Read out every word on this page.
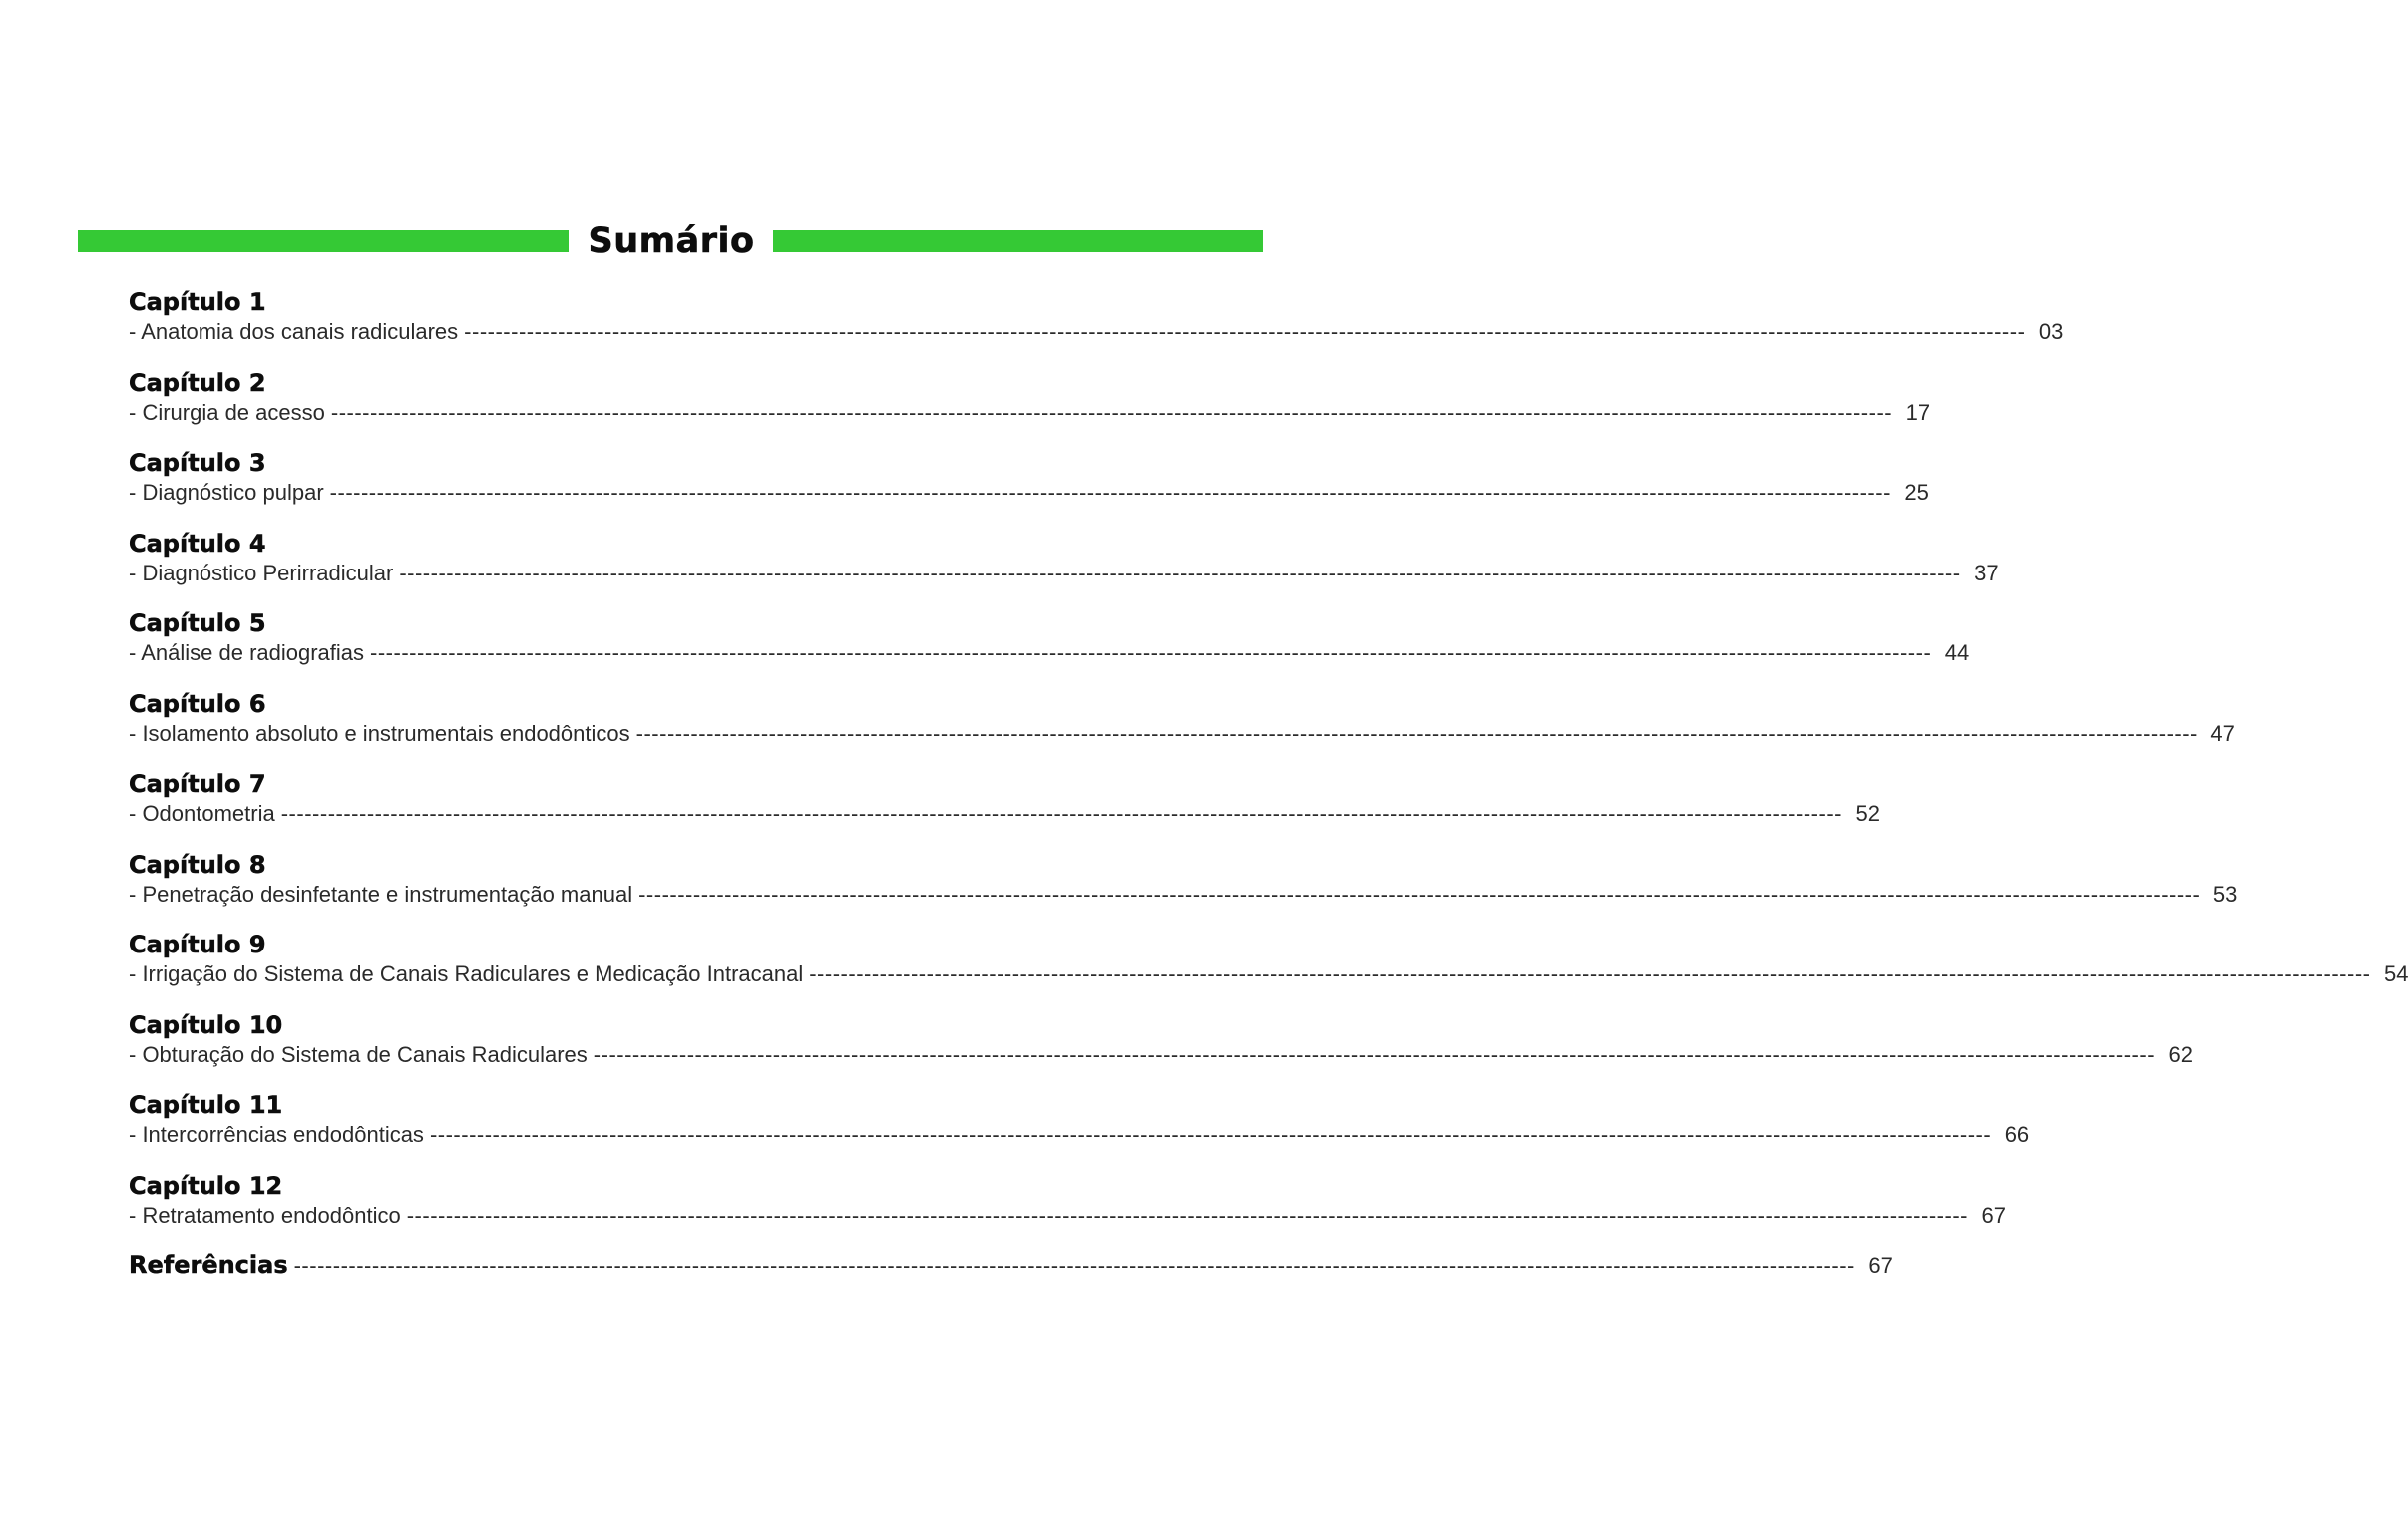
Sumário
Capítulo 1
- Anatomia dos canais radiculares -------------------------------------------------------------------------------------------------------------------------------------------------------------------------------------------------------- 03
Capítulo 2
- Cirurgia de acesso -------------------------------------------------------------------------------------------------------------------------------------------------------------------------------------------------------- 17
Capítulo 3
- Diagnóstico pulpar -------------------------------------------------------------------------------------------------------------------------------------------------------------------------------------------------------- 25
Capítulo 4
- Diagnóstico Perirradicular -------------------------------------------------------------------------------------------------------------------------------------------------------------------------------------------------------- 37
Capítulo 5
- Análise de radiografias -------------------------------------------------------------------------------------------------------------------------------------------------------------------------------------------------------- 44
Capítulo 6
- Isolamento absoluto e instrumentais endodônticos -------------------------------------------------------------------------------------------------------------------------------------------------------------------------------------------------------- 47
Capítulo 7
- Odontometria -------------------------------------------------------------------------------------------------------------------------------------------------------------------------------------------------------- 52
Capítulo 8
- Penetração desinfetante e instrumentação manual -------------------------------------------------------------------------------------------------------------------------------------------------------------------------------------------------------- 53
Capítulo 9
- Irrigação do Sistema de Canais Radiculares e Medicação Intracanal -------------------------------------------------------------------------------------------------------------------------------------------------------------------------------------------------------- 54
Capítulo 10
- Obturação do Sistema de Canais Radiculares -------------------------------------------------------------------------------------------------------------------------------------------------------------------------------------------------------- 62
Capítulo 11
- Intercorrências endodônticas -------------------------------------------------------------------------------------------------------------------------------------------------------------------------------------------------------- 66
Capítulo 12
- Retratamento endodôntico -------------------------------------------------------------------------------------------------------------------------------------------------------------------------------------------------------- 67
Referências -------------------------------------------------------------------------------------------------------------------------------------------------------------------------------------------------------- 67
